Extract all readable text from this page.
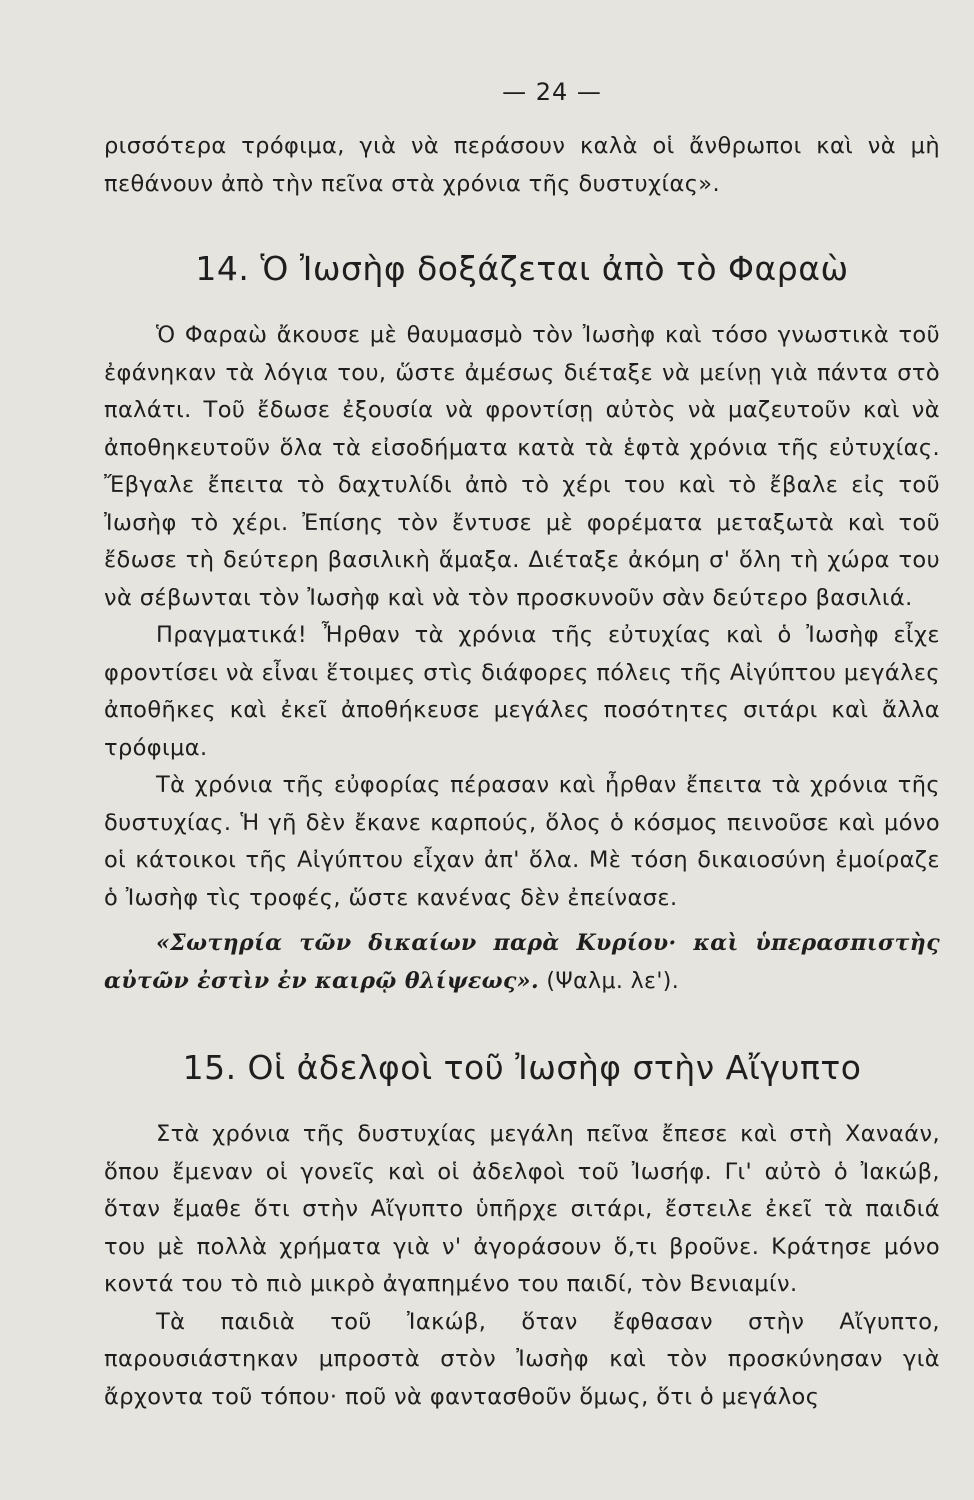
— 24 —

ρισσότερα τρόφιμα, γιὰ νὰ περάσουν καλὰ οἱ ἄνθρωποι καὶ νὰ μὴ πεθάνουν ἀπὸ τὴν πεῖνα στὰ χρόνια τῆς δυστυχίας».

14. Ὁ Ἰωσὴφ δοξάζεται ἀπὸ τὸ Φαραὼ

Ὁ Φαραὼ ἄκουσε μὲ θαυμασμὸ τὸν Ἰωσὴφ καὶ τόσο γνωστικὰ τοῦ ἐφάνηκαν τὰ λόγια του, ὥστε ἀμέσως διέταξε νὰ μείνῃ γιὰ πάντα στὸ παλάτι. Τοῦ ἔδωσε ἐξουσία νὰ φροντίσῃ αὐτὸς νὰ μαζευτοῦν καὶ νὰ ἀποθηκευτοῦν ὅλα τὰ εἰσοδήματα κατὰ τὰ ἑφτὰ χρόνια τῆς εὐτυχίας. Ἔβγαλε ἔπειτα τὸ δαχτυλίδι ἀπὸ τὸ χέρι του καὶ τὸ ἔβαλε εἰς τοῦ Ἰωσὴφ τὸ χέρι. Ἐπίσης τὸν ἔντυσε μὲ φορέματα μεταξωτὰ καὶ τοῦ ἔδωσε τὴ δεύτερη βασιλικὴ ἅμαξα. Διέταξε ἀκόμη σ' ὅλη τὴ χώρα του νὰ σέβωνται τὸν Ἰωσὴφ καὶ νὰ τὸν προσκυνοῦν σὰν δεύτερο βασιλιά.

Πραγματικά! Ἦρθαν τὰ χρόνια τῆς εὐτυχίας καὶ ὁ Ἰωσὴφ εἶχε φροντίσει νὰ εἶναι ἕτοιμες στὶς διάφορες πόλεις τῆς Αἰγύπτου μεγάλες ἀποθῆκες καὶ ἐκεῖ ἀποθήκευσε μεγάλες ποσότητες σιτάρι καὶ ἄλλα τρόφιμα.

Τὰ χρόνια τῆς εὐφορίας πέρασαν καὶ ἦρθαν ἔπειτα τὰ χρόνια τῆς δυστυχίας. Ἡ γῆ δὲν ἔκανε καρπούς, ὅλος ὁ κόσμος πεινοῦσε καὶ μόνο οἱ κάτοικοι τῆς Αἰγύπτου εἶχαν ἀπ' ὅλα. Μὲ τόση δικαιοσύνη ἐμοίραζε ὁ Ἰωσὴφ τὶς τροφές, ὥστε κανένας δὲν ἐπείνασε.

«Σωτηρία τῶν δικαίων παρὰ Κυρίου· καὶ ὑπερασπιστὴς αὐτῶν ἐστὶν ἐν καιρῷ θλίψεως». (Ψαλμ. λε').

15. Οἱ ἀδελφοὶ τοῦ Ἰωσὴφ στὴν Αἴγυπτο

Στὰ χρόνια τῆς δυστυχίας μεγάλη πεῖνα ἔπεσε καὶ στὴ Χαναάν, ὅπου ἔμεναν οἱ γονεῖς καὶ οἱ ἀδελφοὶ τοῦ Ἰωσήφ. Γι' αὐτὸ ὁ Ἰακώβ, ὅταν ἔμαθε ὅτι στὴν Αἴγυπτο ὑπῆρχε σιτάρι, ἔστειλε ἐκεῖ τὰ παιδιά του μὲ πολλὰ χρήματα γιὰ ν' ἀγοράσουν ὅ,τι βροῦνε. Κράτησε μόνο κοντά του τὸ πιὸ μικρὸ ἀγαπημένο του παιδί, τὸν Βενιαμίν.

Τὰ παιδιὰ τοῦ Ἰακώβ, ὅταν ἔφθασαν στὴν Αἴγυπτο, παρουσιάστηκαν μπροστὰ στὸν Ἰωσὴφ καὶ τὸν προσκύνησαν γιὰ ἄρχοντα τοῦ τόπου· ποῦ νὰ φαντασθοῦν ὅμως, ὅτι ὁ μεγάλος
